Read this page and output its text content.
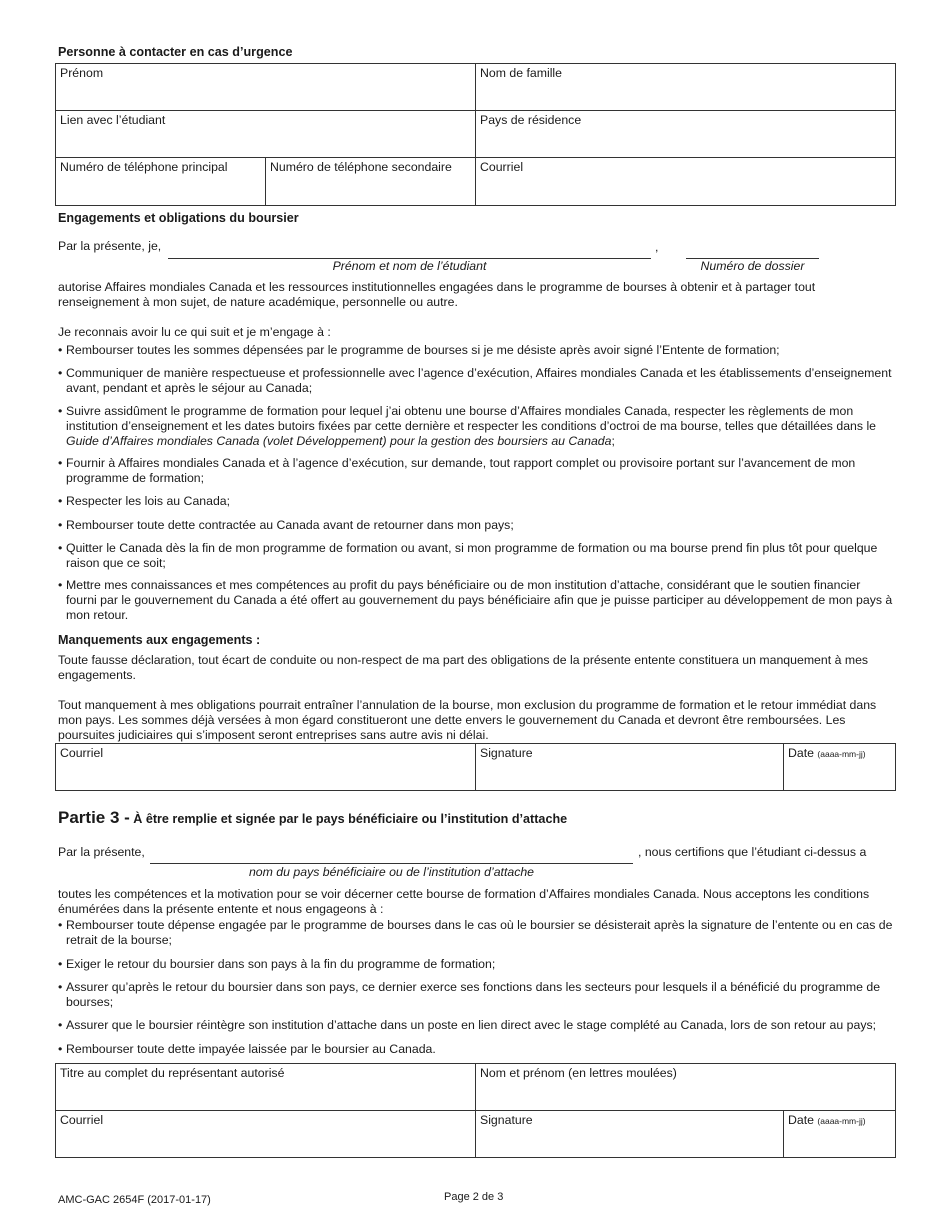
Personne à contacter en cas d’urgence
Prénom	Nom de famille
Lien avec l’étudiant	Pays de résidence
Numéro de téléphone principal	Numéro de téléphone secondaire	Courriel
Engagements et obligations du boursier
Par la présente, je,	,
Prénom et nom de l’étudiant	Numéro de dossier
autorise Affaires mondiales Canada et les ressources institutionnelles engagées dans le programme de bourses à obtenir et à partager tout renseignement à mon sujet, de nature académique, personnelle ou autre.
Je reconnais avoir lu ce qui suit et je m’engage à :
• Rembourser toutes les sommes dépensées par le programme de bourses si je me désiste après avoir signé l’Entente de formation;
• Communiquer de manière respectueuse et professionnelle avec l’agence d’exécution, Affaires mondiales Canada et les établissements d’enseignement avant, pendant et après le séjour au Canada;
• Suivre assidûment le programme de formation pour lequel j’ai obtenu une bourse d’Affaires mondiales Canada, respecter les règlements de mon institution d’enseignement et les dates butoirs fixées par cette dernière et respecter les conditions d’octroi de ma bourse, telles que détaillées dans le Guide d’Affaires mondiales Canada (volet Développement) pour la gestion des boursiers au Canada;
• Fournir à Affaires mondiales Canada et à l’agence d’exécution, sur demande, tout rapport complet ou provisoire portant sur l’avancement de mon programme de formation;
• Respecter les lois au Canada;
• Rembourser toute dette contractée au Canada avant de retourner dans mon pays;
• Quitter le Canada dès la fin de mon programme de formation ou avant, si mon programme de formation ou ma bourse prend fin plus tôt pour quelque raison que ce soit;
• Mettre mes connaissances et mes compétences au profit du pays bénéficiaire ou de mon institution d’attache, considérant que le soutien financier fourni par le gouvernement du Canada a été offert au gouvernement du pays bénéficiaire afin que je puisse participer au développement de mon pays à mon retour.
Manquements aux engagements :
Toute fausse déclaration, tout écart de conduite ou non-respect de ma part des obligations de la présente entente constituera un manquement à mes engagements.
Tout manquement à mes obligations pourrait entraîner l’annulation de la bourse, mon exclusion du programme de formation et le retour immédiat dans mon pays. Les sommes déjà versées à mon égard constitueront une dette envers le gouvernement du Canada et devront être remboursées. Les poursuites judiciaires qui s’imposent seront entreprises sans autre avis ni délai.
Courriel	Signature	Date (aaaa-mm-jj)
Partie 3 - À être remplie et signée par le pays bénéficiaire ou l’institution d’attache
Par la présente,	, nous certifions que l’étudiant ci-dessus a
nom du pays bénéficiaire ou de l’institution d’attache
toutes les compétences et la motivation pour se voir décerner cette bourse de formation d’Affaires mondiales Canada. Nous acceptons les conditions énumérées dans la présente entente et nous engageons à :
• Rembourser toute dépense engagée par le programme de bourses dans le cas où le boursier se désisterait après la signature de l’entente ou en cas de retrait de la bourse;
• Exiger le retour du boursier dans son pays à la fin du programme de formation;
• Assurer qu’après le retour du boursier dans son pays, ce dernier exerce ses fonctions dans les secteurs pour lesquels il a bénéficié du programme de bourses;
• Assurer que le boursier réintègre son institution d’attache dans un poste en lien direct avec le stage complété au Canada, lors de son retour au pays;
• Rembourser toute dette impayée laissée par le boursier au Canada.
Titre au complet du représentant autorisé	Nom et prénom (en lettres moulées)
Courriel	Signature	Date (aaaa-mm-jj)
AMC-GAC 2654F (2017-01-17)	Page 2 de 3
